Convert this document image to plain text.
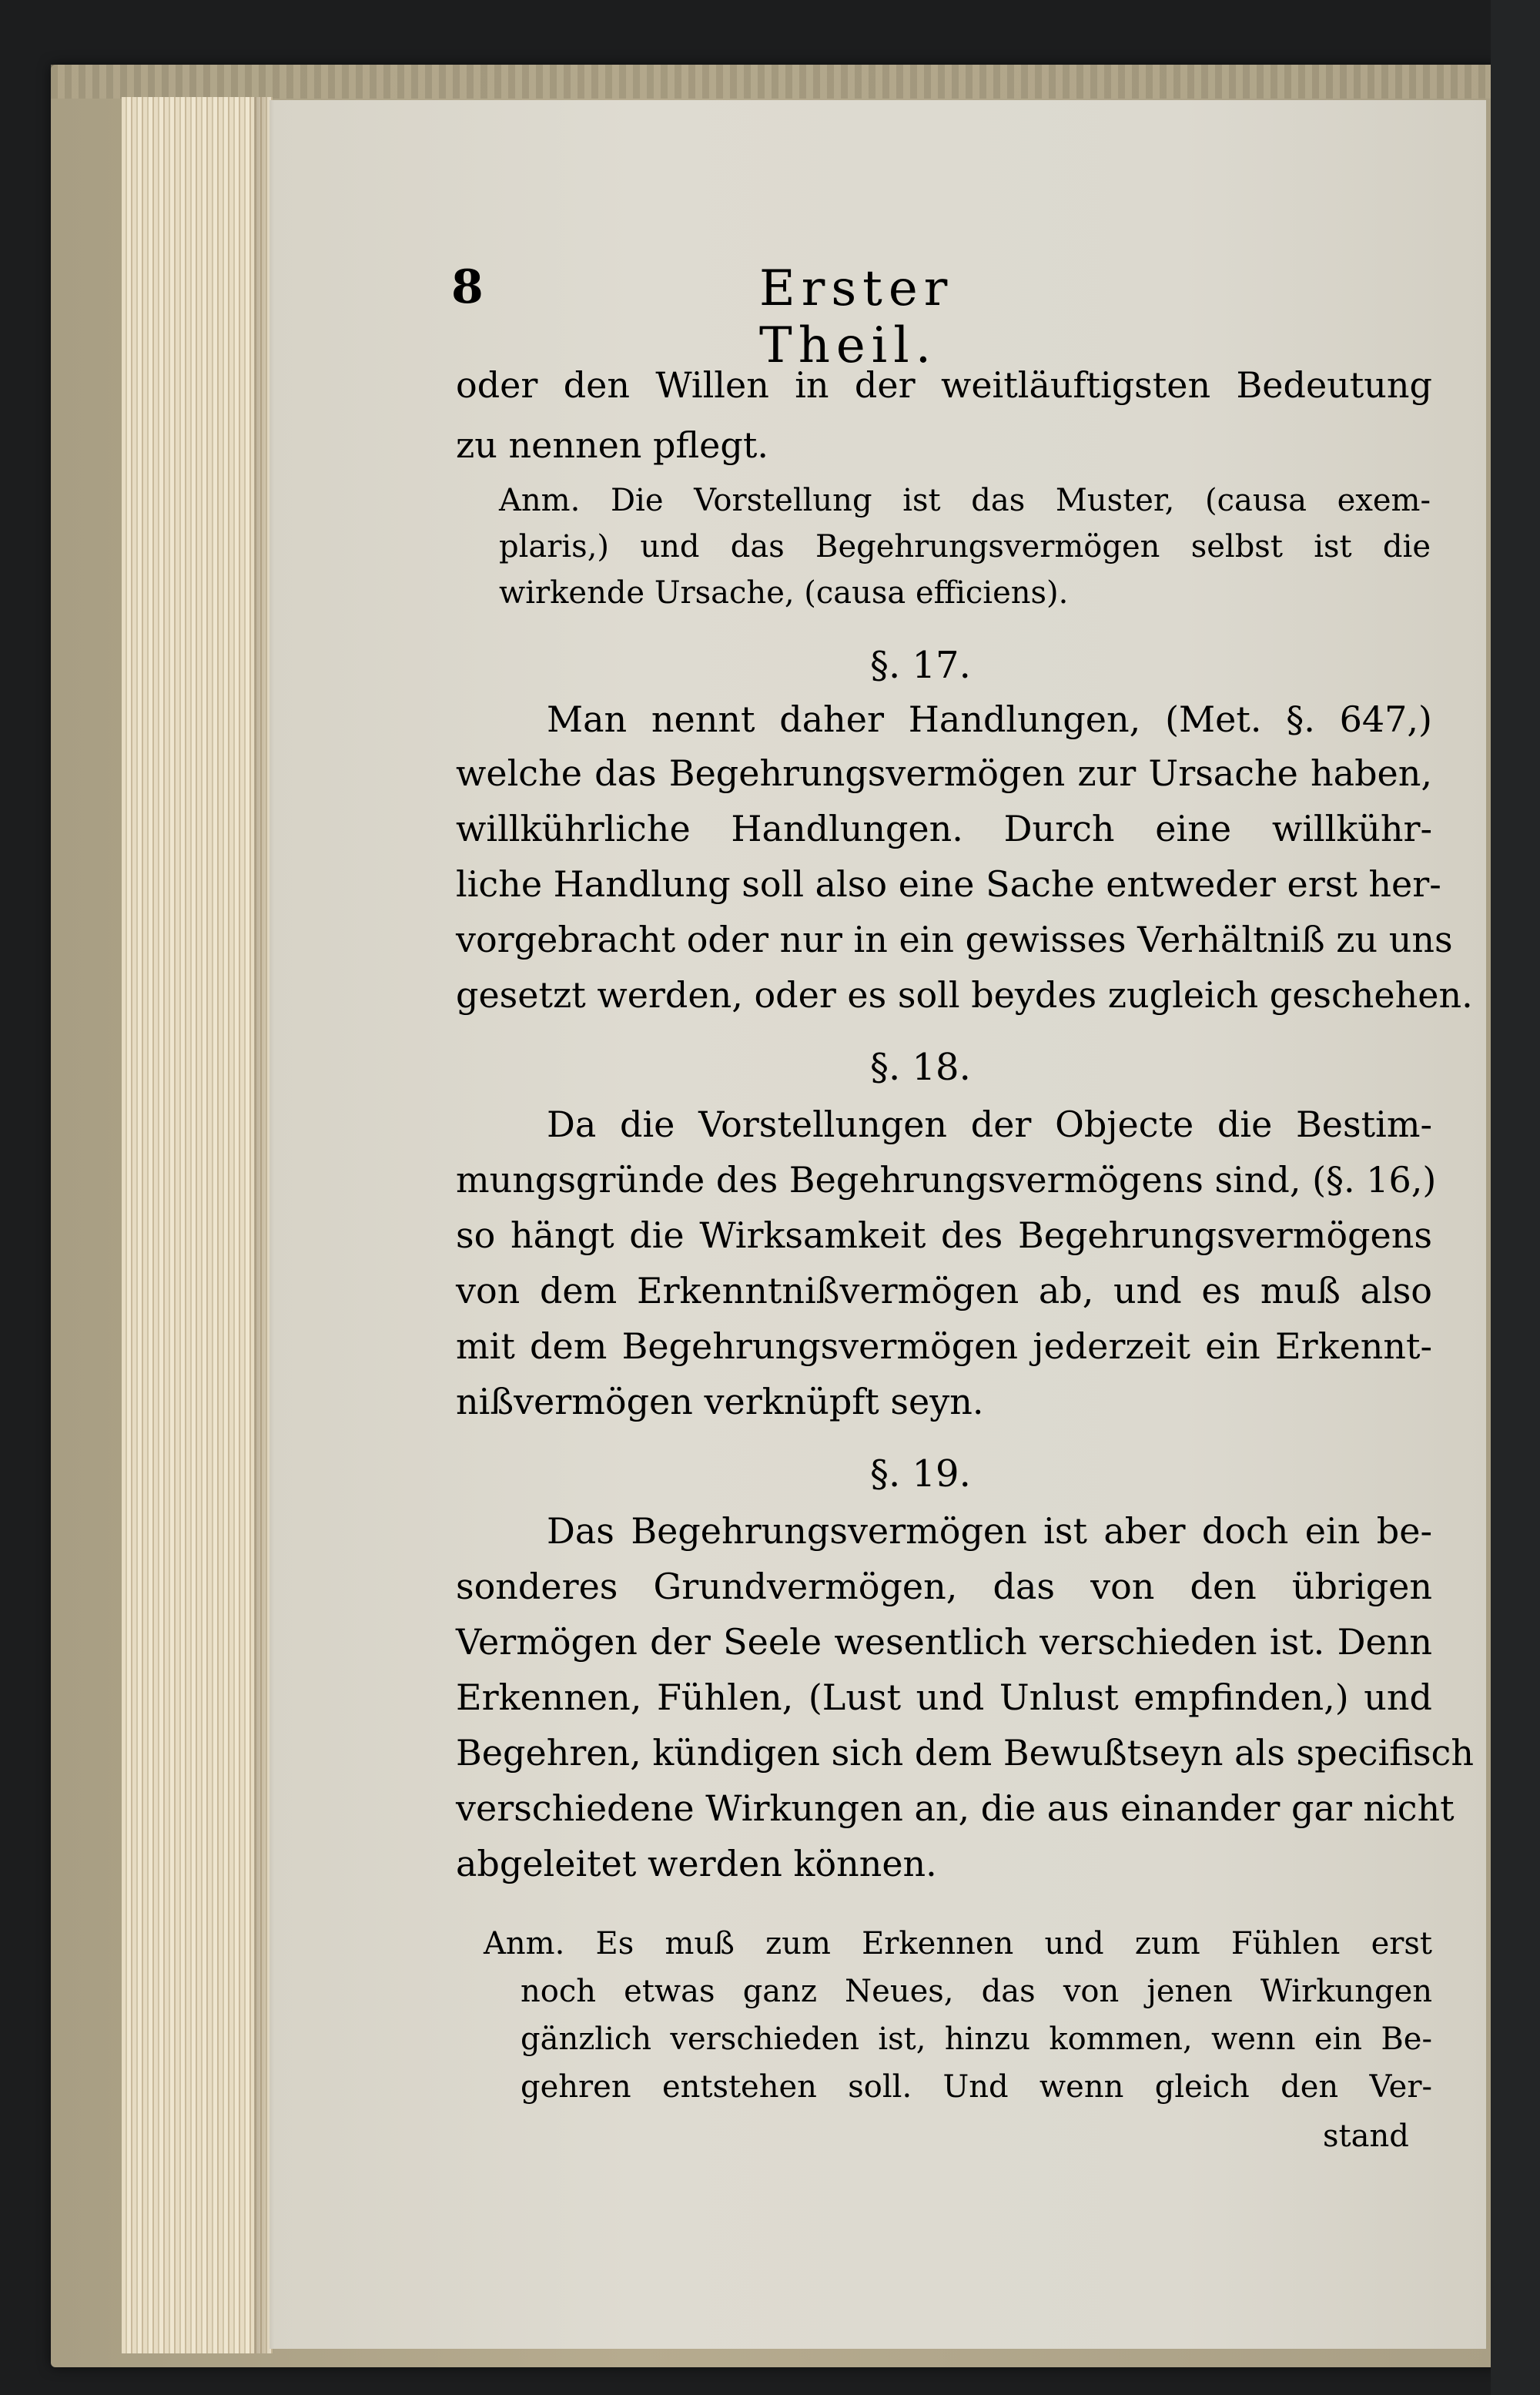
8	Erster Theil.
oder den Willen in der weitläuftigsten Bedeutung
zu nennen pflegt.
Anm. Die Vorstellung ist das Muster, (causa exem-
plaris,) und das Begehrungsvermögen selbst ist die
wirkende Ursache, (causa efficiens).
§. 17.
Man nennt daher Handlungen, (Met. §. 647,)
welche das Begehrungsvermögen zur Ursache haben,
willkührliche Handlungen. Durch eine willkühr-
liche Handlung soll also eine Sache entweder erst her-
vorgebracht oder nur in ein gewisses Verhältniß zu uns
gesetzt werden, oder es soll beydes zugleich geschehen.
§. 18.
Da die Vorstellungen der Objecte die Bestim-
mungsgründe des Begehrungsvermögens sind, (§. 16,)
so hängt die Wirksamkeit des Begehrungsvermögens
von dem Erkenntnißvermögen ab, und es muß also
mit dem Begehrungsvermögen jederzeit ein Erkennt-
nißvermögen verknüpft seyn.
§. 19.
Das Begehrungsvermögen ist aber doch ein be-
sonderes Grundvermögen, das von den übrigen
Vermögen der Seele wesentlich verschieden ist. Denn
Erkennen, Fühlen, (Lust und Unlust empfinden,) und
Begehren, kündigen sich dem Bewußtseyn als specifisch
verschiedene Wirkungen an, die aus einander gar nicht
abgeleitet werden können.
Anm. Es muß zum Erkennen und zum Fühlen erst
noch etwas ganz Neues, das von jenen Wirkungen
gänzlich verschieden ist, hinzu kommen, wenn ein Be-
gehren entstehen soll. Und wenn gleich den Ver-
stand
